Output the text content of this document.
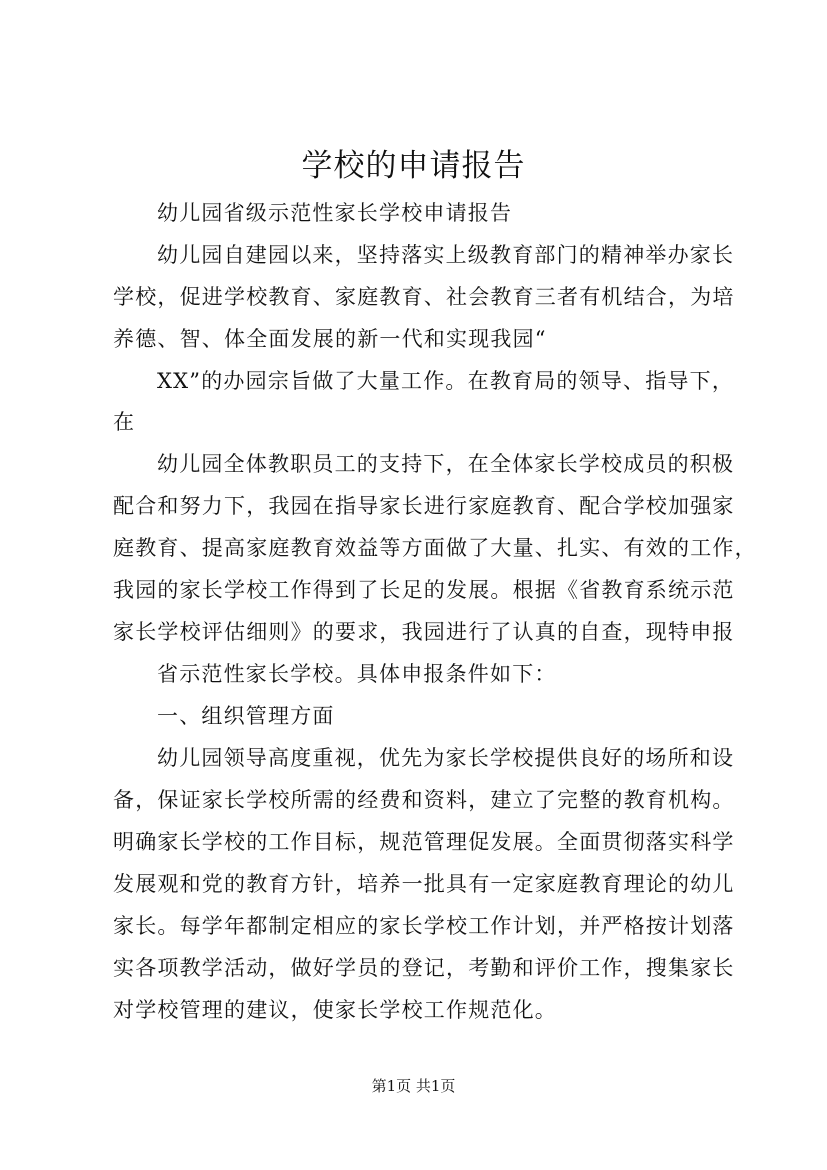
学校的申请报告
幼儿园省级示范性家长学校申请报告
幼儿园自建园以来，坚持落实上级教育部门的精神举办家长
学校，促进学校教育、家庭教育、社会教育三者有机结合，为培
养德、智、体全面发展的新一代和实现我园“
XX”的办园宗旨做了大量工作。在教育局的领导、指导下，
在
幼儿园全体教职员工的支持下，在全体家长学校成员的积极
配合和努力下，我园在指导家长进行家庭教育、配合学校加强家
庭教育、提高家庭教育效益等方面做了大量、扎实、有效的工作，
我园的家长学校工作得到了长足的发展。根据《省教育系统示范
家长学校评估细则》的要求，我园进行了认真的自查，现特申报
省示范性家长学校。具体申报条件如下：
一、组织管理方面
幼儿园领导高度重视，优先为家长学校提供良好的场所和设
备，保证家长学校所需的经费和资料，建立了完整的教育机构。
明确家长学校的工作目标，规范管理促发展。全面贯彻落实科学
发展观和党的教育方针，培养一批具有一定家庭教育理论的幼儿
家长。每学年都制定相应的家长学校工作计划，并严格按计划落
实各项教学活动，做好学员的登记，考勤和评价工作，搜集家长
对学校管理的建议，使家长学校工作规范化。
第1页 共1页
